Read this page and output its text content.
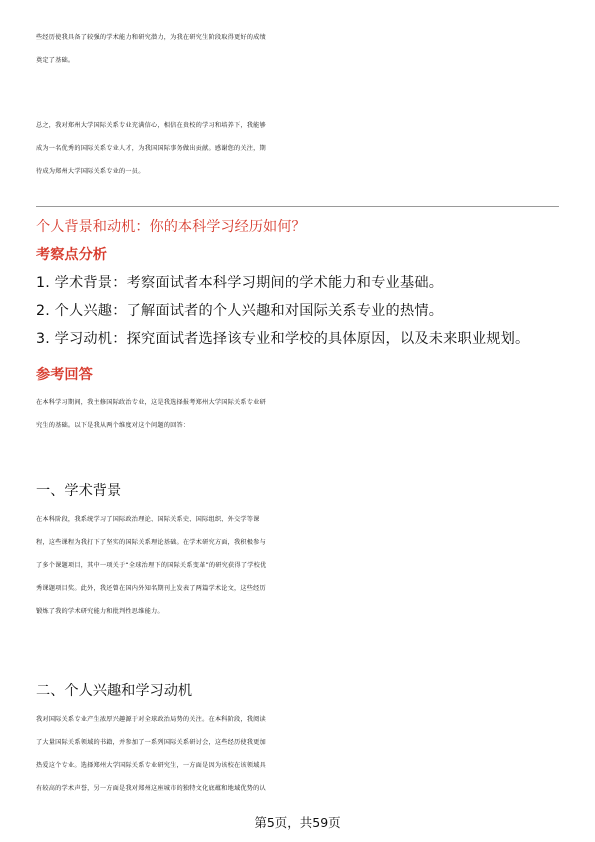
些经历使我具备了较强的学术能力和研究潜力，为我在研究生阶段取得更好的成绩
奠定了基础。
总之，我对郑州大学国际关系专业充满信心，相信在贵校的学习和培养下，我能够
成为一名优秀的国际关系专业人才，为我国国际事务做出贡献。感谢您的关注，期
待成为郑州大学国际关系专业的一员。

个人背景和动机：你的本科学习经历如何？

考察点分析

1. 学术背景：考察面试者本科学习期间的学术能力和专业基础。

2. 个人兴趣：了解面试者的个人兴趣和对国际关系专业的热情。

3. 学习动机：探究面试者选择该专业和学校的具体原因，以及未来职业规划。

参考回答

在本科学习期间，我主修国际政治专业，这是我选择报考郑州大学国际关系专业研
究生的基础。以下是我从两个维度对这个问题的回答：

一、学术背景

在本科阶段，我系统学习了国际政治理论、国际关系史、国际组织、外交学等课
程，这些课程为我打下了坚实的国际关系理论基础。在学术研究方面，我积极参与
了多个课题项目，其中一项关于“全球治理下的国际关系变革”的研究获得了学校优
秀课题项目奖。此外，我还曾在国内外知名期刊上发表了两篇学术论文，这些经历
锻炼了我的学术研究能力和批判性思维能力。

二、个人兴趣和学习动机

我对国际关系专业产生浓厚兴趣源于对全球政治局势的关注。在本科阶段，我阅读
了大量国际关系领域的书籍，并参加了一系列国际关系研讨会，这些经历使我更加
热爱这个专业。选择郑州大学国际关系专业研究生，一方面是因为该校在该领域具
有较高的学术声誉，另一方面是我对郑州这座城市的独特文化底蕴和地域优势的认
第5页，共59页
